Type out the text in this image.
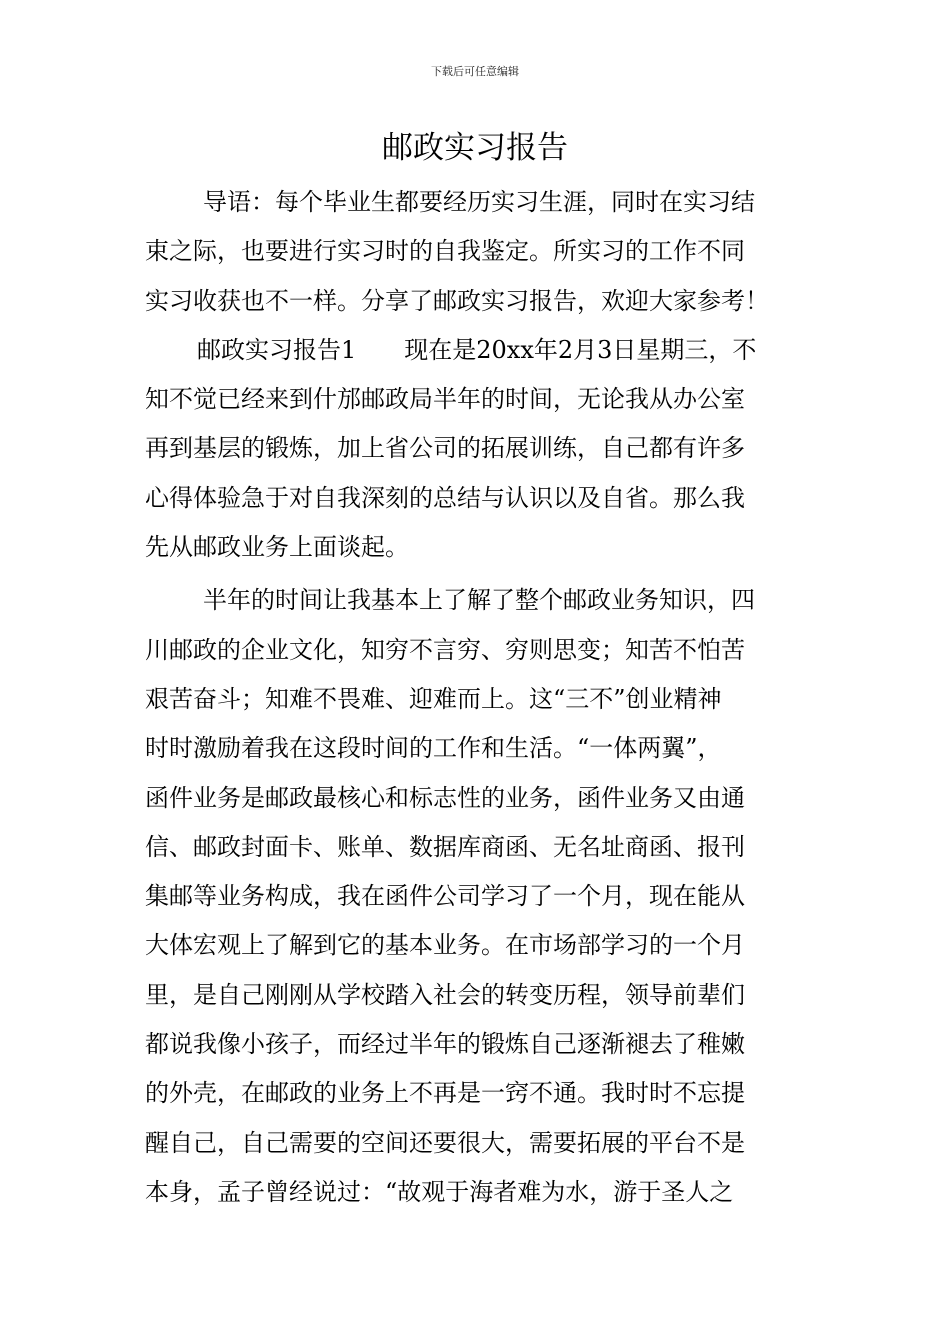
下载后可任意编辑
邮政实习报告
导语：每个毕业生都要经历实习生涯，同时在实习结
束之际，也要进行实习时的自我鉴定。所实习的工作不同
实习收获也不一样。分享了邮政实习报告，欢迎大家参考！
邮政实习报告1　　现在是20xx年2月3日星期三，不
知不觉已经来到什邡邮政局半年的时间，无论我从办公室
再到基层的锻炼，加上省公司的拓展训练，自己都有许多
心得体验急于对自我深刻的总结与认识以及自省。那么我
先从邮政业务上面谈起。
半年的时间让我基本上了解了整个邮政业务知识，四
川邮政的企业文化，知穷不言穷、穷则思变；知苦不怕苦
艰苦奋斗；知难不畏难、迎难而上。这“三不”创业精神
时时激励着我在这段时间的工作和生活。“一体两翼”，
函件业务是邮政最核心和标志性的业务，函件业务又由通
信、邮政封面卡、账单、数据库商函、无名址商函、报刊
集邮等业务构成，我在函件公司学习了一个月，现在能从
大体宏观上了解到它的基本业务。在市场部学习的一个月
里，是自己刚刚从学校踏入社会的转变历程，领导前辈们
都说我像小孩子，而经过半年的锻炼自己逐渐褪去了稚嫩
的外壳，在邮政的业务上不再是一窍不通。我时时不忘提
醒自己，自己需要的空间还要很大，需要拓展的平台不是
本身，孟子曾经说过：“故观于海者难为水，游于圣人之
